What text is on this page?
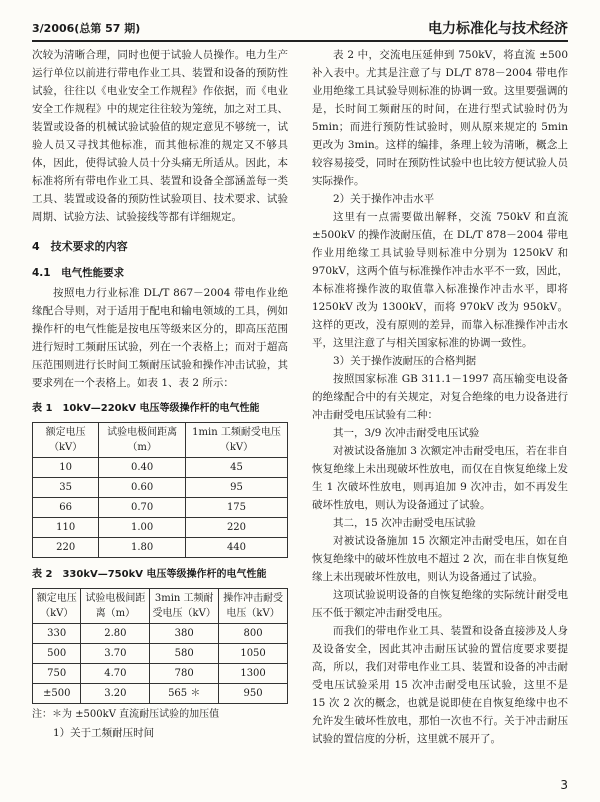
3/2006(总第 57 期)	电力标准化与技术经济

次较为清晰合理，同时也便于试验人员操作。电力生产运行单位以前进行带电作业工具、装置和设备的预防性试验，往往以《电业安全工作规程》作依据，而《电业安全工作规程》中的规定往往较为笼统，加之对工具、装置或设备的机械试验试验值的规定意见不够统一，试验人员又寻找其他标准，而其他标准的规定又不够具体，因此，使得试验人员十分头痛无所适从。因此，本标准将所有带电作业工具、装置和设备全部涵盖每一类工具、装置或设备的预防性试验项目、技术要求、试验周期、试验方法、试验接线等都有详细规定。

4　技术要求的内容
4.1　电气性能要求

按照电力行业标准 DL/T 867－2004 带电作业绝缘配合导则，对于适用于配电和输电领域的工具，例如操作杆的电气性能是按电压等级来区分的，即高压范围进行短时工频耐压试验，列在一个表格上；而对于超高压范围则进行长时间工频耐压试验和操作冲击试验，其要求列在一个表格上。如表 1、表 2 所示：

表 1　10kV—220kV 电压等级操作杆的电气性能
额定电压（kV）	试验电极间距离（m）	1min 工频耐受电压（kV）
10	0.40	45
35	0.60	95
66	0.70	175
110	1.00	220
220	1.80	440
表 2　330kV—750kV 电压等级操作杆的电气性能
额定电压（kV）	试验电极间距离（m）	3min 工频耐受电压（kV）	操作冲击耐受电压（kV）
330	2.80	380	800
500	3.70	580	1050
750	4.70	780	1300
±500	3.20	565 ＊	950

注：＊为 ±500kV 直流耐压试验的加压值

1）关于工频耐压时间

表 2 中，交流电压延伸到 750kV，将直流 ±500 补入表中。尤其是注意了与 DL/T 878－2004 带电作业用绝缘工具试验导则标准的协调一致。这里要强调的是，长时间工频耐压的时间，在进行型式试验时仍为 5min；而进行预防性试验时，则从原来规定的 5min 更改为 3min。这样的编排，条理上较为清晰，概念上较容易接受，同时在预防性试验中也比较方便试验人员实际操作。

2）关于操作冲击水平

这里有一点需要做出解释，交流 750kV 和直流 ±500kV 的操作波耐压值，在 DL/T 878－2004 带电作业用绝缘工具试验导则标准中分别为 1250kV 和 970kV，这两个值与标准操作冲击水平不一致，因此，本标准将操作波的取值靠入标准操作冲击水平，即将 1250kV 改为 1300kV，而将 970kV 改为 950kV。这样的更改，没有原则的差异，而靠入标准操作冲击水平，这里注意了与相关国家标准的协调一致性。

3）关于操作波耐压的合格判据

按照国家标准 GB 311.1－1997 高压输变电设备的绝缘配合中的有关规定，对复合绝缘的电力设备进行冲击耐受电压试验有二种：

其一，3/9 次冲击耐受电压试验

对被试设备施加 3 次额定冲击耐受电压，若在非自恢复绝缘上未出现破坏性放电，而仅在自恢复绝缘上发生 1 次破坏性放电，则再追加 9 次冲击，如不再发生破坏性放电，则认为设备通过了试验。

其二，15 次冲击耐受电压试验

对被试设备施加 15 次额定冲击耐受电压，如在自恢复绝缘中的破坏性放电不超过 2 次，而在非自恢复绝缘上未出现破坏性放电，则认为设备通过了试验。

这项试验说明设备的自恢复绝缘的实际统计耐受电压不低于额定冲击耐受电压。

而我们的带电作业工具、装置和设备直接涉及人身及设备安全，因此其冲击耐压试验的置信度要求要提高，所以，我们对带电作业工具、装置和设备的冲击耐受电压试验采用 15 次冲击耐受电压试验，这里不是 15 次 2 次的概念，也就是说即使在自恢复绝缘中也不允许发生破坏性放电，那怕一次也不行。关于冲击耐压试验的置信度的分析，这里就不展开了。

3
